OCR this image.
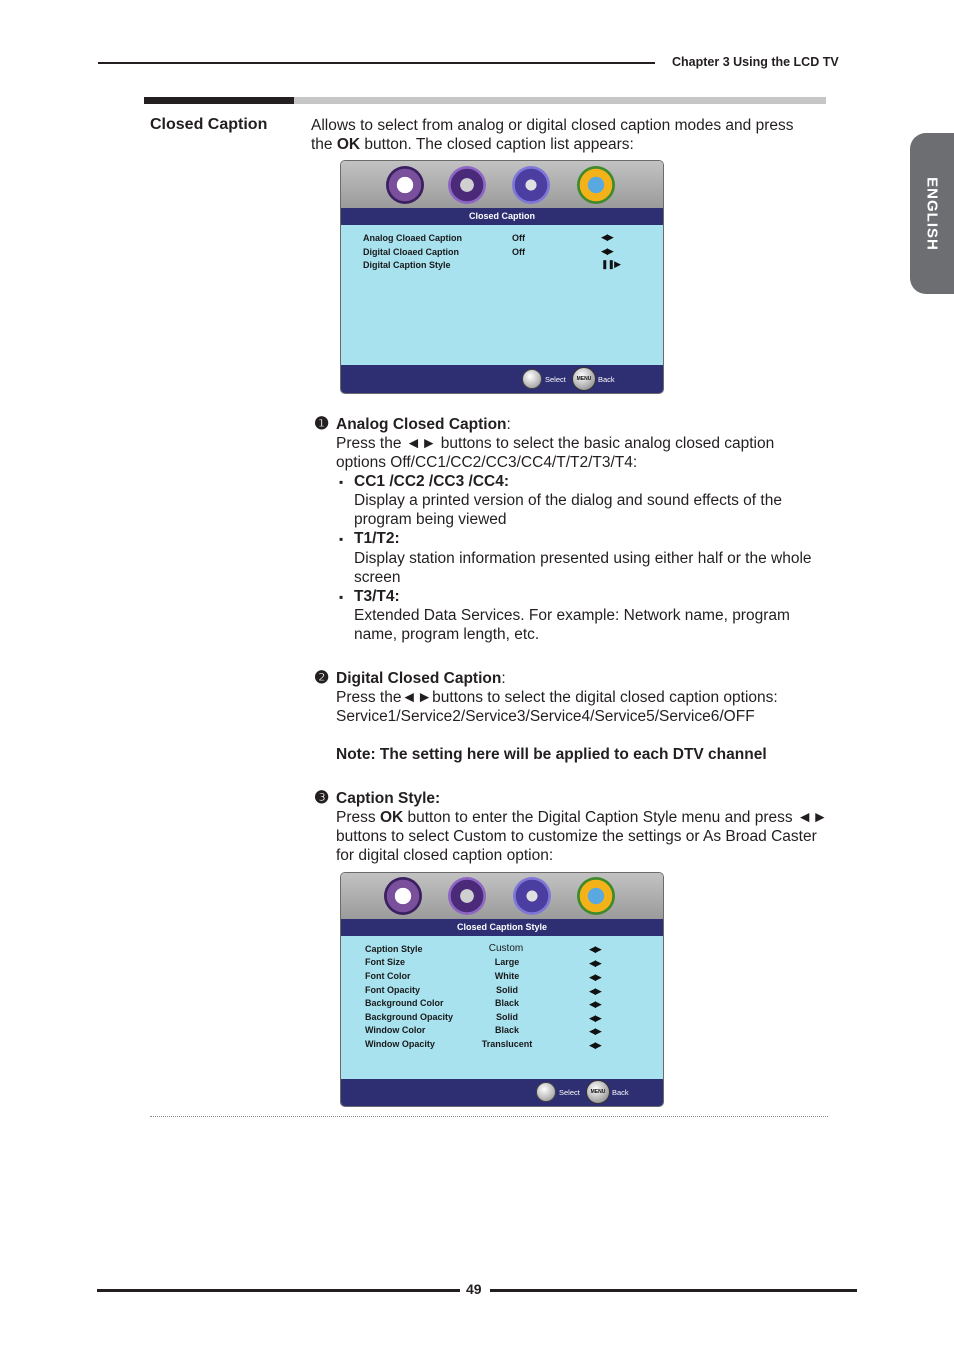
Chapter 3 Using the LCD TV
ENGLISH
Closed Caption	Allows to select from analog or digital closed caption modes and press
the OK button. The closed caption list appears:
Closed Caption
Analog Cloaed Caption	Off	◀▶
Digital Cloaed Caption	Off	◀▶
Digital Caption Style	❚❚▶
Select	MENU Back
❶ Analog Closed Caption:
Press the ◄► buttons to select the basic analog closed caption
options Off/CC1/CC2/CC3/CC4/T/T2/T3/T4:
▪ CC1 /CC2 /CC3 /CC4:
Display a printed version of the dialog and sound effects of the
program being viewed
▪ T1/T2:
Display station information presented using either half or the whole
screen
▪ T3/T4:
Extended Data Services. For example: Network name, program
name, program length, etc.
❷ Digital Closed Caption:
Press the◄►buttons to select the digital closed caption options:
Service1/Service2/Service3/Service4/Service5/Service6/OFF
Note: The setting here will be applied to each DTV channel
❸ Caption Style:
Press OK button to enter the Digital Caption Style menu and press ◄►
buttons to select Custom to customize the settings or As Broad Caster
for digital closed caption option:
Closed Caption Style
Caption Style	Custom	◀▶
Font Size	Large	◀▶
Font Color	White	◀▶
Font Opacity	Solid	◀▶
Background Color	Black	◀▶
Background Opacity	Solid	◀▶
Window Color	Black	◀▶
Window Opacity	Translucent	◀▶
Select	MENU Back
49
